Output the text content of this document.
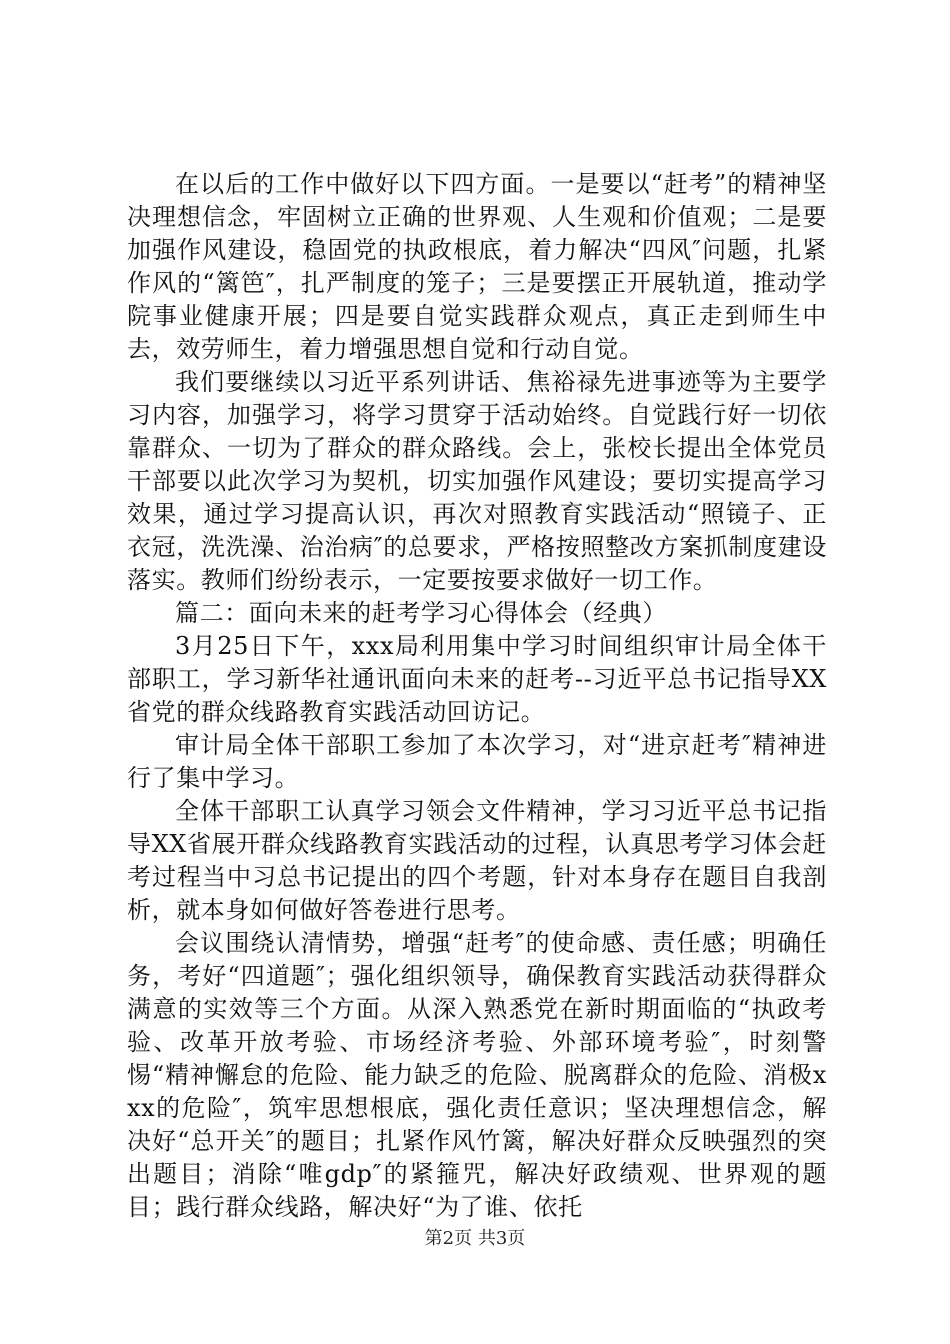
在以后的工作中做好以下四方面。一是要以“赶考”的精神坚决理想信念，牢固树立正确的世界观、人生观和价值观；二是要加强作风建设，稳固党的执政根底，着力解决“四风″问题，扎紧作风的“篱笆″，扎严制度的笼子；三是要摆正开展轨道，推动学院事业健康开展；四是要自觉实践群众观点，真正走到师生中去，效劳师生，着力增强思想自觉和行动自觉。

我们要继续以习近平系列讲话、焦裕禄先进事迹等为主要学习内容，加强学习，将学习贯穿于活动始终。自觉践行好一切依靠群众、一切为了群众的群众路线。会上，张校长提出全体党员干部要以此次学习为契机，切实加强作风建设；要切实提高学习效果，通过学习提高认识，再次对照教育实践活动“照镜子、正衣冠，洗洗澡、治治病″的总要求，严格按照整改方案抓制度建设落实。教师们纷纷表示，一定要按要求做好一切工作。

篇二：面向未来的赶考学习心得体会（经典）

3月25日下午，xxx局利用集中学习时间组织审计局全体干部职工，学习新华社通讯面向未来的赶考--习近平总书记指导XX省党的群众线路教育实践活动回访记。

审计局全体干部职工参加了本次学习，对“进京赶考″精神进行了集中学习。

全体干部职工认真学习领会文件精神，学习习近平总书记指导XX省展开群众线路教育实践活动的过程，认真思考学习体会赶考过程当中习总书记提出的四个考题，针对本身存在题目自我剖析，就本身如何做好答卷进行思考。

会议围绕认清情势，增强“赶考″的使命感、责任感；明确任务，考好“四道题″；强化组织领导，确保教育实践活动获得群众满意的实效等三个方面。从深入熟悉党在新时期面临的“执政考验、改革开放考验、市场经济考验、外部环境考验″，时刻警惕“精神懈怠的危险、能力缺乏的危险、脱离群众的危险、消极xxx的危险″，筑牢思想根底，强化责任意识；坚决理想信念，解决好“总开关″的题目；扎紧作风竹篱，解决好群众反映强烈的突出题目；消除“唯gdp″的紧箍咒，解决好政绩观、世界观的题目；践行群众线路，解决好“为了谁、依托

第2页 共3页
